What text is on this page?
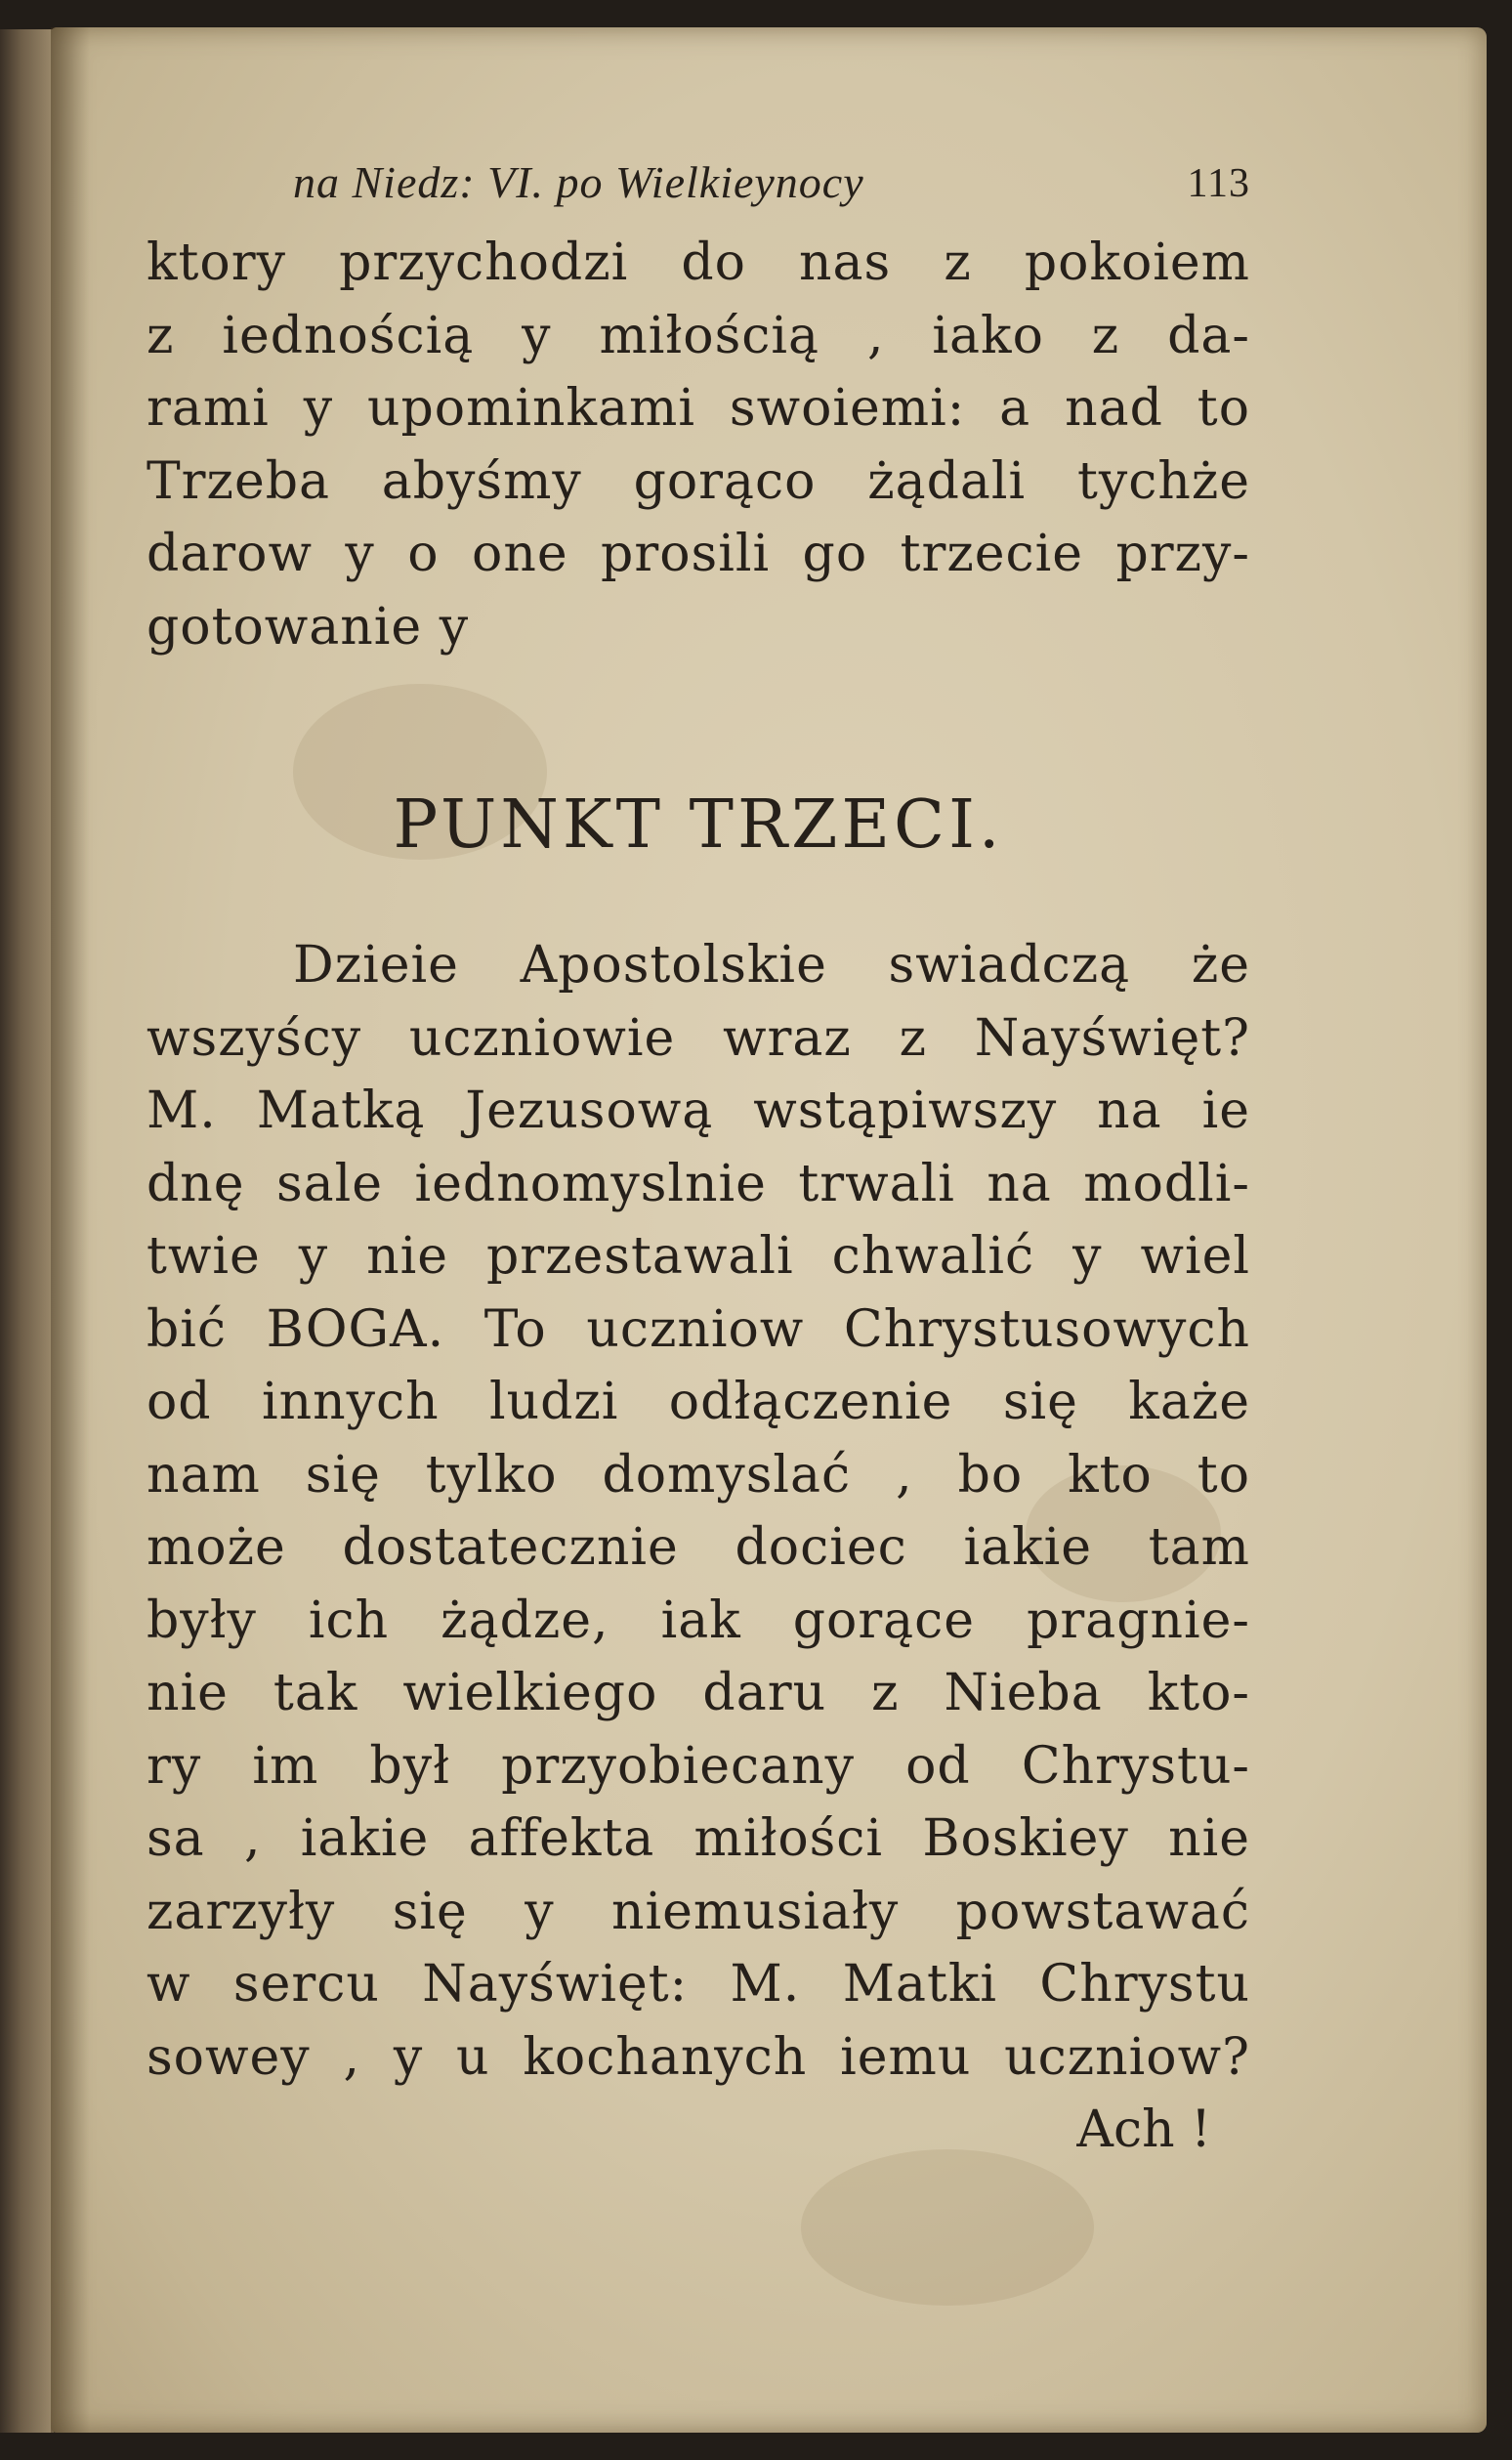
na Niedz: VI. po Wielkieynocy	113
ktory przychodzi do nas z pokoiem
z iednością y miłością , iako z da-
rami y upominkami swoiemi: a nad to
Trzeba abyśmy gorąco żądali tychże
darow y o one prosili go trzecie przy-
gotowanie y
PUNKT TRZECI.
Dzieie Apostolskie swiadczą że
wszyścy uczniowie wraz z Nayświęt?
M. Matką Jezusową wstąpiwszy na ie
dnę sale iednomyslnie trwali na modli-
twie y nie przestawali chwalić y wiel
bić BOGA. To uczniow Chrystusowych
od innych ludzi odłączenie się każe
nam się tylko domyslać , bo kto to
może dostatecznie dociec iakie tam
były ich żądze, iak gorące pragnie-
nie tak wielkiego daru z Nieba kto-
ry im był przyobiecany od Chrystu-
sa , iakie affekta miłości Boskiey nie
zarzyły się y niemusiały powstawać
w sercu Nayświęt: M. Matki Chrystu
sowey , y u kochanych iemu uczniow?
Ach !
